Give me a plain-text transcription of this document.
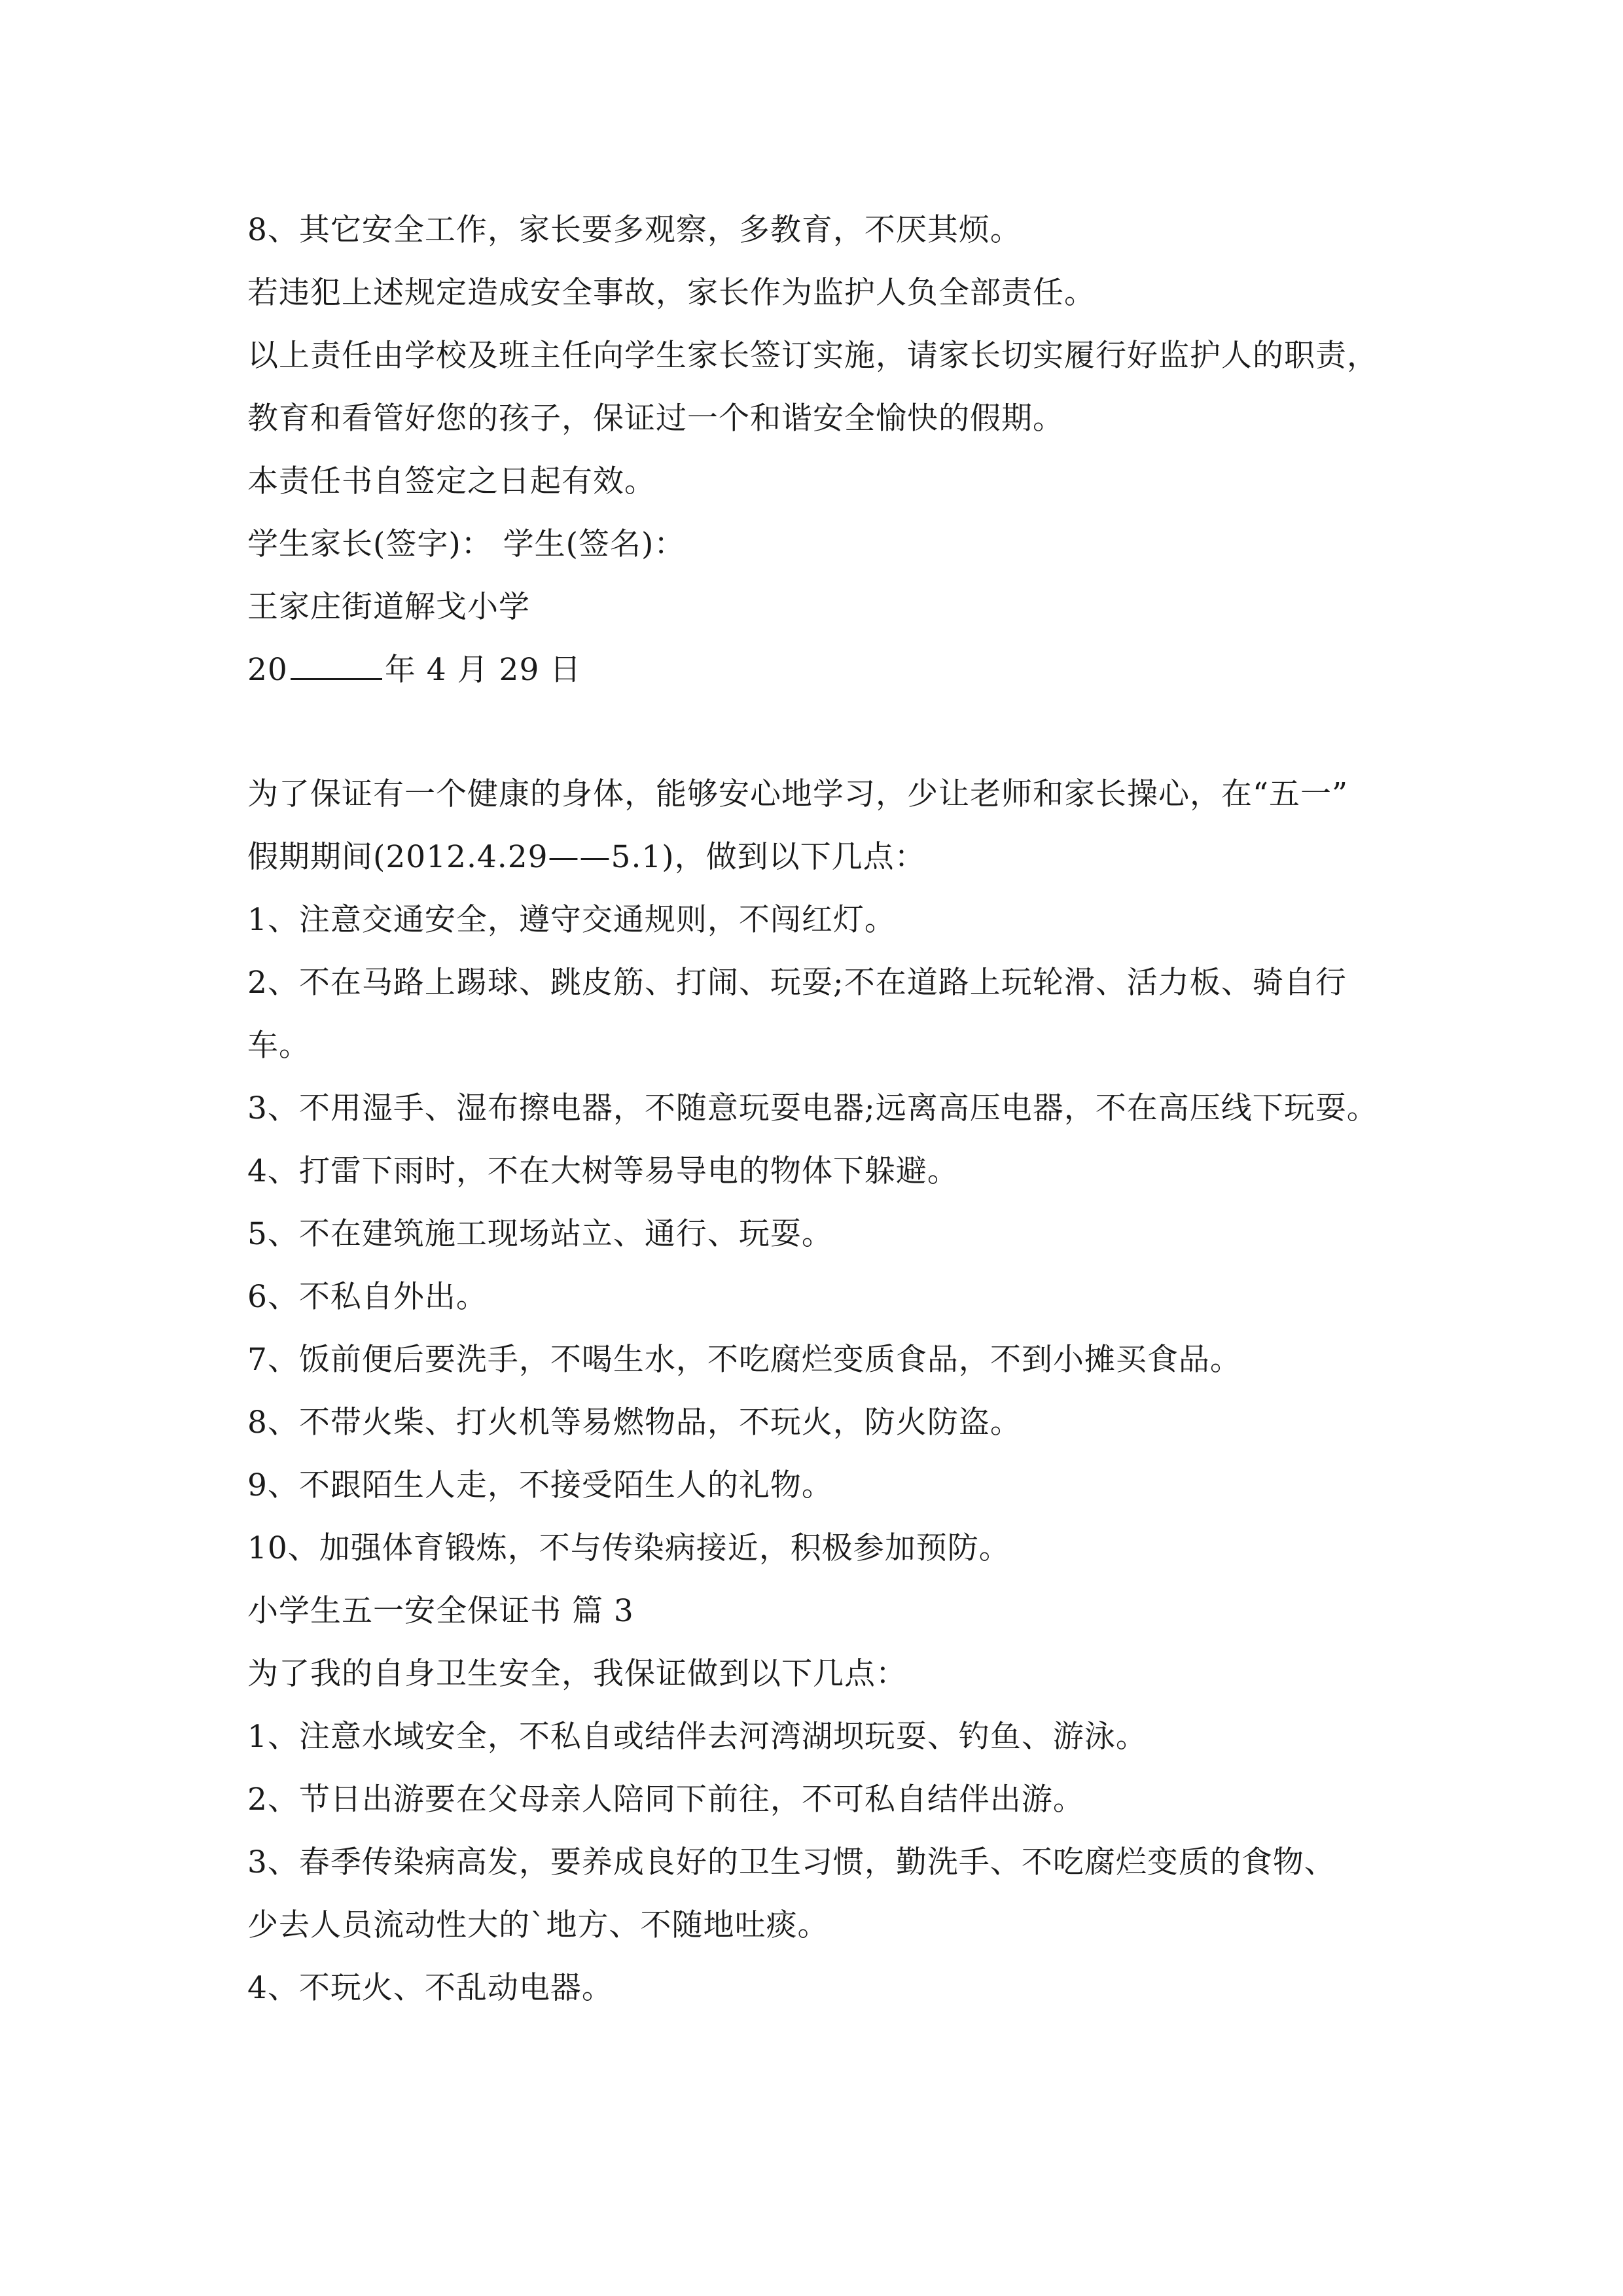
8、其它安全工作，家长要多观察，多教育，不厌其烦。
若违犯上述规定造成安全事故，家长作为监护人负全部责任。
以上责任由学校及班主任向学生家长签订实施，请家长切实履行好监护人的职责，
教育和看管好您的孩子，保证过一个和谐安全愉快的假期。
本责任书自签定之日起有效。
学生家长(签字)： 学生(签名)：
王家庄街道解戈小学
20	年 4 月 29 日
为了保证有一个健康的身体，能够安心地学习，少让老师和家长操心，在“五一”
假期期间(2012.4.29——5.1)，做到以下几点：
1、注意交通安全，遵守交通规则，不闯红灯。
2、不在马路上踢球、跳皮筋、打闹、玩耍;不在道路上玩轮滑、活力板、骑自行
车。
3、不用湿手、湿布擦电器，不随意玩耍电器;远离高压电器，不在高压线下玩耍。
4、打雷下雨时，不在大树等易导电的物体下躲避。
5、不在建筑施工现场站立、通行、玩耍。
6、不私自外出。
7、饭前便后要洗手，不喝生水，不吃腐烂变质食品，不到小摊买食品。
8、不带火柴、打火机等易燃物品，不玩火，防火防盗。
9、不跟陌生人走，不接受陌生人的礼物。
10、加强体育锻炼，不与传染病接近，积极参加预防。
小学生五一安全保证书 篇 3
为了我的自身卫生安全，我保证做到以下几点：
1、注意水域安全，不私自或结伴去河湾湖坝玩耍、钓鱼、游泳。
2、节日出游要在父母亲人陪同下前往，不可私自结伴出游。
3、春季传染病高发，要养成良好的卫生习惯，勤洗手、不吃腐烂变质的食物、
少去人员流动性大的`地方、不随地吐痰。
4、不玩火、不乱动电器。
